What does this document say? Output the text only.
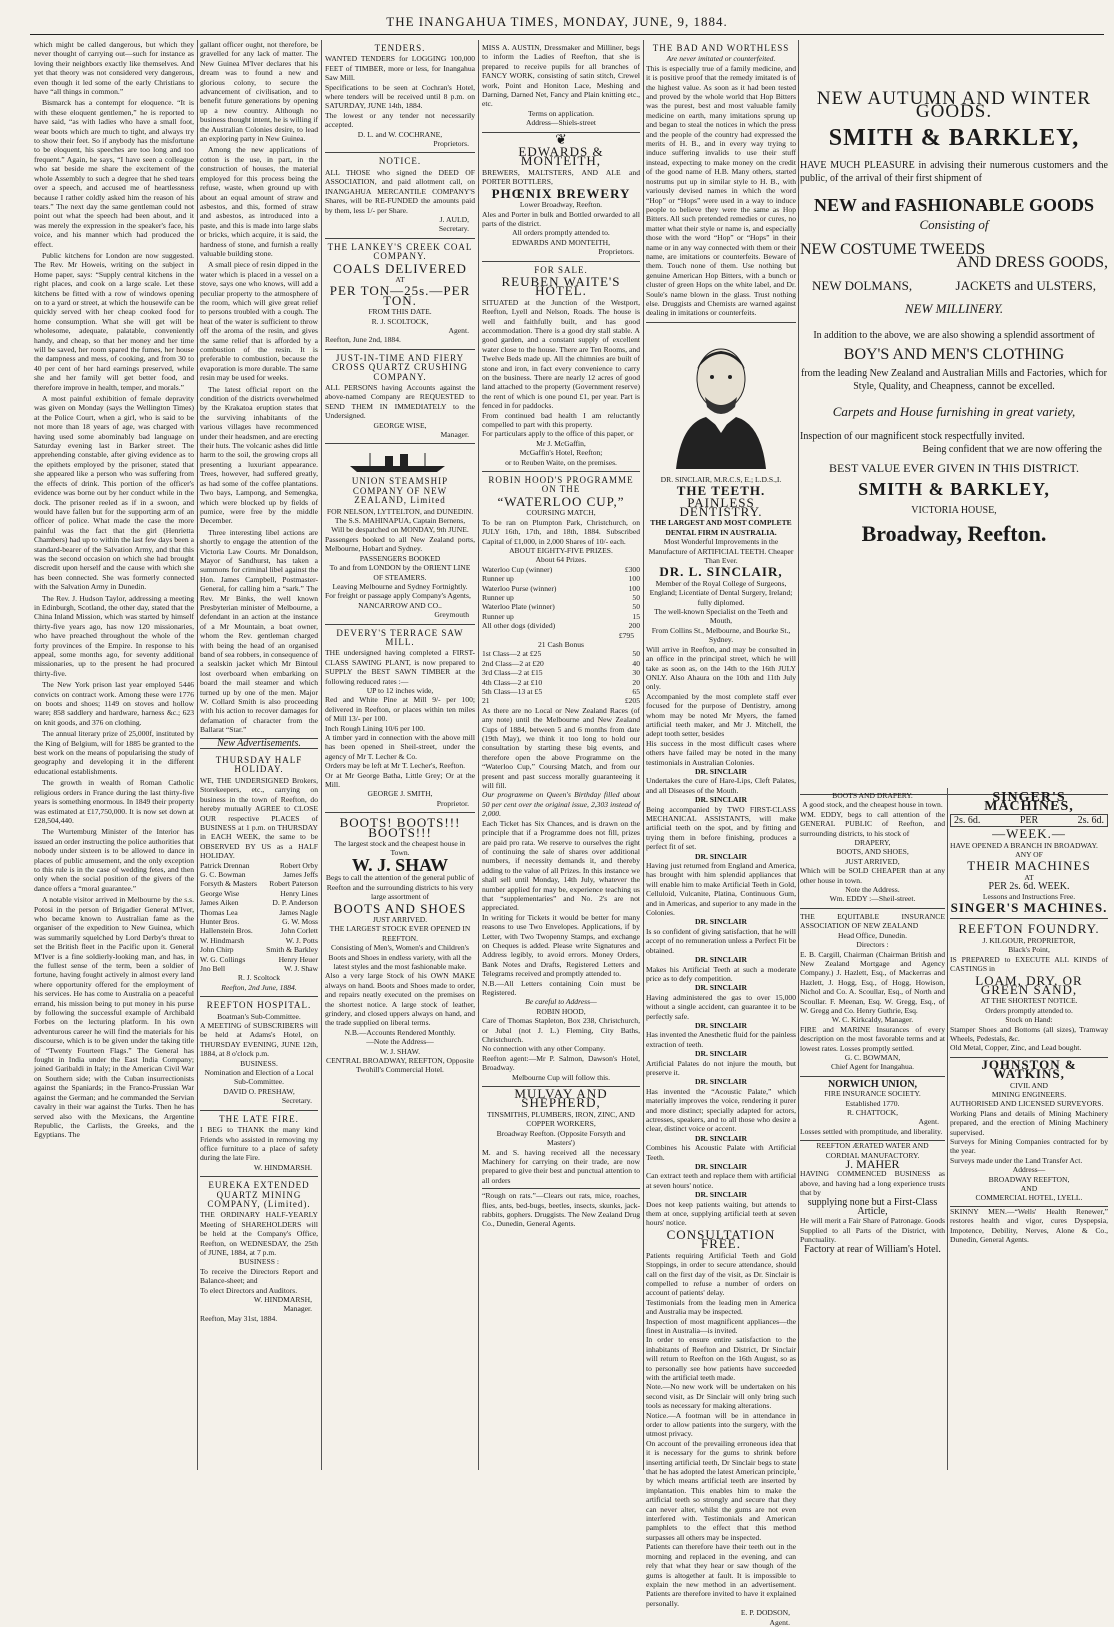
THE INANGAHUA TIMES, MONDAY, JUNE, 9, 1884.

which might be called dangerous, but which they never thought of carrying out—such for instance as loving their neighbors exactly like themselves. And yet that theory was not considered very dangerous, even though it led some of the early Christians to have “all things in common.”

Bismarck has a contempt for eloquence. “It is with these eloquent gentlemen,” he is reported to have said, “as with ladies who have a small foot, wear boots which are much to tight, and always try to show their feet. So if anybody has the misfortune to be eloquent, his speeches are too long and too frequent.” Again, he says, “I have seen a colleague who sat beside me share the excitement of the whole Assembly to such a degree that he shed tears over a speech, and accused me of heartlessness because I rather coldly asked him the reason of his tears.” The next day the same gentleman could not point out what the speech had been about, and it was merely the expression in the speaker's face, his voice, and his manner which had produced the effect.

Public kitchens for London are now suggested. The Rev. Mr Howeis, writing on the subject in Home paper, says: “Supply central kitchens in the right places, and cook on a large scale. Let these kitchens be fitted with a row of windows opening on to a yard or street, at which the housewife can be quickly served with her cheap cooked food for home consumption. What she will get will be wholesome, adequate, palatable, conveniently handy, and cheap, so that her money and her time will be saved, her room spared the fumes, her house the dampness and mess, of cooking, and from 30 to 40 per cent of her hard earnings preserved, while she and her family will get better food, and therefore improve in health, temper, and morals.”

A most painful exhibition of female depravity was given on Monday (says the Wellington Times) at the Police Court, when a girl, who is said to be not more than 18 years of age, was charged with having used some abominably bad language on Saturday evening last in Barker street. The apprehending constable, after giving evidence as to the epithets employed by the prisoner, stated that she appeared like a person who was suffering from the effects of drink. This portion of the officer's evidence was borne out by her conduct while in the dock. The prisoner reeled as if in a swoon, and would have fallen but for the supporting arm of an officer of police. What made the case the more painful was the fact that the girl (Henrietta Chambers) had up to within the last few days been a standard-bearer of the Salvation Army, and that this was the second occasion on which she had brought discredit upon herself and the cause with which she has been connected. She was formerly connected with the Salvation Army in Dunedin.

The Rev. J. Hudson Taylor, addressing a meeting in Edinburgh, Scotland, the other day, stated that the China Inland Mission, which was started by himself thirty-five years ago, has now 120 missionaries, who have preached throughout the whole of the forty provinces of the Empire. In response to his appeal, some months ago, for seventy additional missionaries, up to the present he had procured thirty-five.

The New York prison last year employed 5446 convicts on contract work. Among these were 1776 on boots and shoes; 1149 on stoves and hollow ware; 858 saddlery and hardware, harness &c.; 623 on knit goods, and 376 on clothing.

The annual literary prize of 25,000f, instituted by the King of Belgium, will for 1885 be granted to the best work on the means of popularising the study of geography and developing it in the different educational establishments.

The growth in wealth of Roman Catholic religious orders in France during the last thirty-five years is something enormous. In 1849 their property was estimated at £17,750,000. It is now set down at £28,504,440.

The Wurtemburg Minister of the Interior has issued an order instructing the police authorities that nobody under sixteen is to be allowed to dance in places of public amusement, and the only exception to this rule is in the case of wedding fetes, and then only when the social position of the givers of the dance offers a “moral guarantee.”

A notable visitor arrived in Melbourne by the s.s. Potosi in the person of Brigadier General M'Iver, who became known to Australian fame as the organiser of the expedition to New Guinea, which was summarily squelched by Lord Derby's threat to set the British fleet in the Pacific upon it. General M'Iver is a fine soldierly-looking man, and has, in the fullest sense of the term, been a soldier of fortune, having fought actively in almost every land where opportunity offered for the employment of his services. He has come to Australia on a peaceful errand, his mission being to put money in his purse by following the successful example of Archibald Forbes on the lecturing platform. In his own adventurous career he will find the materials for his discourse, which is to be given under the taking title of “Twenty Fourteen Flags.” The General has fought in India under the East India Company; joined Garibaldi in Italy; in the American Civil War on Southern side; with the Cuban insurrectionists against the Spaniards; in the Franco-Prussian War against the German; and he commanded the Servian cavalry in their war against the Turks. Then he has served also with the Mexicans, the Argentine Republic, the Carlists, the Greeks, and the Egyptians. The

gallant officer ought, not therefore, be gravelled for any lack of matter. The New Guinea M'Iver declares that his dream was to found a new and glorious colony, to secure the advancement of civilisation, and to benefit future generations by opening up a new country. Although no business thought intent, he is willing if the Australian Colonies desire, to lead an exploring party in New Guinea.

Among the new applications of cotton is the use, in part, in the construction of houses, the material employed for this process being the refuse, waste, when ground up with about an equal amount of straw and asbestos, and this, formed of straw and asbestos, as introduced into a paste, and this is made into large slabs or bricks, which acquire, it is said, the hardness of stone, and furnish a really valuable building stone.

A small piece of resin dipped in the water which is placed in a vessel on a stove, says one who knows, will add a peculiar property to the atmosphere of the room, which will give great relief to persons troubled with a cough. The heat of the water is sufficient to throw off the aroma of the resin, and gives the same relief that is afforded by a combustion of the resin. It is preferable to combustion, because the evaporation is more durable. The same resin may be used for weeks.

The latest official report on the condition of the districts overwhelmed by the Krakatoa eruption states that the surviving inhabitants of the various villages have recommenced under their headsmen, and are erecting their huts. The volcanic ashes did little harm to the soil, the growing crops all presenting a luxuriant appearance. Trees, however, had suffered greatly, as had some of the coffee plantations. Two bays, Lampong, and Semengka, which were blocked up by fields of pumice, were free by the middle December.

Three interesting libel actions are shortly to engage the attention of the Victoria Law Courts. Mr Donaldson, Mayor of Sandhurst, has taken a summons for criminal libel against the Hon. James Campbell, Postmaster-General, for calling him a “sark.” The Rev. Mr Binks, the well known Presbyterian minister of Melbourne, a defendant in an action at the instance of a Mr Mountain, a boat owner, whom the Rev. gentleman charged with being the head of an organised band of sea robbers, in consequence of a sealskin jacket which Mr Bintoul lost overboard when embarking on board the mail steamer and which turned up by one of the men. Major W. Collard Smith is also proceeding with his action to recover damages for defamation of character from the Ballarat “Star.”

New Advertisements.
THURSDAY HALF HOLIDAY.
WE, THE UNDERSIGNED Brokers, Storekeepers, etc., carrying on business in the town of Reefton, do hereby mutually AGREE to CLOSE OUR respective PLACES of BUSINESS at 1 p.m. on THURSDAY in EACH WEEK, the same to be OBSERVED BY US as a HALF HOLIDAY.
Patrick Drennan	Robert Orby
G. C. Bowman	James Jeffs
Forsyth & Masters Robert Paterson
George Wise	Henry Lines
James Aiken	D. P. Anderson
Thomas Lea	James Nagle
Hunter Bros.	G. W. Moss
Hallenstein Bros.	John Corlett
W. Hindmarsh	W. J. Potts
John Chirp	Smith & Barkley
W. G. Collings	Henry Heuer
Jno Bell	W. J. Shaw
R. J. Scoltock
Reefton, 2nd June, 1884.
REEFTON HOSPITAL.
Boatman's Sub-Committee.
A MEETING of SUBSCRIBERS will be held at Adams's Hotel, on THURSDAY EVENING, JUNE 12th, 1884, at 8 o'clock p.m.
BUSINESS.
Nomination and Election of a Local Sub-Committee.
DAVID O. PRESHAW,
Secretary.
THE LATE FIRE.
I BEG to THANK the many kind Friends who assisted in removing my office furniture to a place of safety during the late Fire.
W. HINDMARSH.
EUREKA EXTENDED QUARTZ MINING COMPANY, (Limited).
THE ORDINARY HALF-YEARLY Meeting of SHAREHOLDERS will be held at the Company's Office, Reefton, on WEDNESDAY, the 25th of JUNE, 1884, at 7 p.m.
BUSINESS :
To receive the Directors Report and Balance-sheet; and
To elect Directors and Auditors.
W. HINDMARSH,
Manager.
Reefton, May 31st, 1884.
TENDERS.
WANTED TENDERS for LOGGING 100,000 FEET of TIMBER, more or less, for Inangahua Saw Mill.
Specifications to be seen at Cochran's Hotel, where tenders will be received until 8 p.m. on SATURDAY, JUNE 14th, 1884.
The lowest or any tender not necessarily accepted.
D. L. and W. COCHRANE,
Proprietors.
NOTICE.
ALL THOSE who signed the DEED OF ASSOCIATION, and paid allotment call, on INANGAHUA MERCANTILE COMPANY'S Shares, will be RE-FUNDED the amounts paid by them, less 1/- per Share.
J. AULD,
Secretary.
THE LANKEY'S CREEK COAL COMPANY.
COALS DELIVERED
AT
PER TON—25s.—PER TON.
FROM THIS DATE.
R. J. SCOLTOCK,
Agent.
Reefton, June 2nd, 1884.
JUST-IN-TIME AND FIERY CROSS QUARTZ CRUSHING COMPANY.
ALL PERSONS having Accounts against the above-named Company are REQUESTED to SEND THEM IN IMMEDIATELY to the Undersigned.
GEORGE WISE,
Manager.
UNION STEAMSHIP COMPANY OF NEW ZEALAND, Limited
FOR NELSON, LYTTELTON, and DUNEDIN.
The S.S. MAHINAPUA, Captain Bernens,
Will be despatched on MONDAY, 9th JUNE.
Passengers booked to all New Zealand ports, Melbourne, Hobart and Sydney.
PASSENGERS BOOKED
To and from LONDON by the ORIENT LINE OF STEAMERS.
Leaving Melbourne and Sydney Fortnightly.
For freight or passage apply Company's Agents,
NANCARROW AND CO..
Greymouth
DEVERY'S TERRACE SAW MILL.
THE undersigned having completed a FIRST-CLASS SAWING PLANT, is now prepared to SUPPLY the BEST SAWN TIMBER at the following reduced rates :—
UP to 12 inches wide,
Red and White Pine at Mill 9/- per 100; delivered in Reefton, or places within ten miles of Mill 13/- per 100.
Inch Rough Lining 10/6 per 100.
A timber yard in connection with the above mill has been opened in Sheil-street, under the agency of Mr T. Lecher & Co.
Orders may be left at Mr T. Lecher's, Reefton.
Or at Mr George Batha, Little Grey; Or at the Mill.
GEORGE J. SMITH,
Proprietor.
BOOTS! BOOTS!!! BOOTS!!!
The largest stock and the cheapest house in Town.
W. J. SHAW
Begs to call the attention of the general public of Reefton and the surrounding districts to his very large assortment of
BOOTS AND SHOES
JUST ARRIVED.
THE LARGEST STOCK EVER OPENED IN REEFTON.
Consisting of Men's, Women's and Children's Boots and Shoes in endless variety, with all the latest styles and the most fashionable make.
Also a very large Stock of his OWN MAKE always on hand. Boots and Shoes made to order, and repairs neatly executed on the premises on the shortest notice. A large stock of leather, grindery, and closed uppers always on hand, and the trade supplied on liberal terms.
N.B.—Accounts Rendered Monthly.
—Note the Address—
W. J. SHAW.
CENTRAL BROADWAY, REEFTON, Opposite Twohill's Commercial Hotel.
MISS A. AUSTIN, Dressmaker and Milliner, begs to inform the Ladies of Reefton, that she is prepared to receive pupils for all branches of FANCY WORK, consisting of satin stitch, Crewel work, Point and Honiton Lace, Meshing and Darning, Darned Net, Fancy and Plain knitting etc., etc.
Terms on application.
Address—Shiels-street
❦
EDWARDS & MONTEITH,
BREWERS, MALTSTERS, AND ALE and PORTER BOTTLERS,
PHŒNIX BREWERY
Lower Broadway, Reefton.
Ales and Porter in bulk and Bottled orwarded to all parts of the district.
All orders promptly attended to.
EDWARDS AND MONTEITH,
Proprietors.
FOR SALE.
REUBEN WAITE'S HOTEL.
SITUATED at the Junction of the Westport, Reefton, Lyell and Nelson, Roads. The house is well and faithfully built, and has good accommodation. There is a good dry stall stable. A good garden, and a constant supply of excellent water close to the house. There are Ten Rooms, and Twelve Beds made up. All the chimnies are built of stone and iron, in fact every convenience to carry on the business. There are nearly 12 acres of good land attached to the property (Government reserve) the rent of which is one pound £1, per year. Part is fenced in for paddocks.
From continued bad health I am reluctantly compelled to part with this property.
For particulars apply to the office of this paper, or
Mr J. McGaffin,
McGaffin's Hotel, Reefton;
or to Reuben Waite, on the premises.
ROBIN HOOD'S PROGRAMME ON THE
“WATERLOO CUP,”
COURSING MATCH,
To be ran on Plumpton Park, Christchurch, on JULY 16th, 17th, and 18th, 1884. Subscribed Capital of £1,000, in 2,000 Shares of 10/- each.
ABOUT EIGHTY-FIVE PRIZES.
About 64 Prizes.
Waterloo Cup (winner)	£300
Runner up	100
Waterloo Purse (winner)	100
Runner up	50
Waterloo Plate (winner)	50
Runner up	15
All other dogs (divided)	200
£795
21 Cash Bonus
1st Class—2 at £25	50
2nd Class—2 at £20	40
3rd Class—2 at £15	30
4th Class—2 at £10	20
5th Class—13 at £5	65
21	£205
As there are no Local or New Zealand Races (of any note) until the Melbourne and New Zealand Cups of 1884, between 5 and 6 months from date (19th May), we think it too long to hold our consultation by starting these big events, and therefore open the above Programme on the “Waterloo Cup,” Coursing Match, and from our present and past success morally guaranteeing it will fill.
Our programme on Queen's Birthday filled about 50 per cent over the original issue, 2,303 instead of 2,000.
Each Ticket has Six Chances, and is drawn on the principle that if a Programme does not fill, prizes are paid pro rata. We reserve to ourselves the right of continuing the sale of shares over additional numbers, if necessity demands it, and thereby adding to the value of all Prizes. In this instance we shall sell until Monday, 14th July, whatever the number applied for may be, experience teaching us that “supplementaries” and No. 2's are not appreciated.
In writing for Tickets it would be better for many reasons to use Two Envelopes. Applications, if by Letter, with Two Twopenny Stamps, and exchange on Cheques is added. Please write Signatures and Address legibly, to avoid errors. Money Orders, Bank Notes and Drafts, Registered Letters and Telegrams received and promptly attended to.
N.B.—All Letters containing Coin must be Registered.
Be careful to Address—
ROBIN HOOD,
Care of Thomas Stapleton, Box 238, Christchurch, or Jubal (not J. L.) Fleming, City Baths, Christchurch.
No connection with any other Company.
Reefton agent:—Mr P. Salmon, Dawson's Hotel, Broadway.
Melbourne Cup will follow this.
MULVAY AND SHEPHERD,
TINSMITHS, PLUMBERS, IRON, ZINC, AND COPPER WORKERS,
Broadway Reefton. (Opposite Forsyth and Masters')
M. and S. having received all the necessary Machinery for carrying on their trade, are now prepared to give their best and punctual attention to all orders
“Rough on rats.”—Clears out rats, mice, roaches, flies, ants, bed-bugs, beetles, insects, skunks, jack-rabbits, gophers. Druggists. The New Zealand Drug Co., Dunedin, General Agents.
THE BAD AND WORTHLESS
Are never imitated or counterfeited.
This is especially true of a family medicine, and it is positive proof that the remedy imitated is of the highest value. As soon as it had been tested and proved by the whole world that Hop Bitters was the purest, best and most valuable family medicine on earth, many imitations sprung up and began to steal the notices in which the press and the people of the country had expressed the merits of H. B., and in every way trying to induce suffering invalids to use their stuff instead, expecting to make money on the credit of the good name of H.B. Many others, started nostrums put up in similar style to H. B., with variously devised names in which the word “Hop” or “Hops” were used in a way to induce people to believe they were the same as Hop Bitters. All such pretended remedies or cures, no matter what their style or name is, and especially those with the word “Hop” or “Hops” in their name or in any way connected with them or their name, are imitations or counterfeits. Beware of them. Touch none of them. Use nothing but genuine American Hop Bitters, with a bunch or cluster of green Hops on the white label, and Dr. Soule's name blown in the glass. Trust nothing else. Druggists and Chemists are warned against dealing in imitations or counterfeits.
DR. SINCLAIR, M.R.C.S, E.; L.D.S.,I.
THE TEETH.
PAINLESS DENTISTRY.
THE LARGEST AND MOST COMPLETE DENTAL FIRM IN AUSTRALIA.
Most Wonderful Improvements in the Manufacture of ARTIFICIAL TEETH. Cheaper Than Ever.
DR. L. SINCLAIR,
Member of the Royal College of Surgeons, England; Licentiate of Dental Surgery, Ireland; fully diplomed.
The well-known Specialist on the Teeth and Mouth,
From Collins St., Melbourne, and Bourke St., Sydney.
Will arrive in Reefton, and may be consulted in an office in the principal street, which he will take as soon as, on the 14th to the 16th JULY ONLY. Also Ahaura on the 10th and 11th July only.
Accompanied by the most complete staff ever focused for the purpose of Dentistry, among whom may be noted Mr Myers, the famed artificial teeth maker, and Mr J. Mitchell, the adept tooth setter, besides
His success in the most difficult cases where others have failed may be noted in the many testimonials in Australian Colonies.
DR. SINCLAIR
Undertakes the cure of Hare-Lips, Cleft Palates, and all Diseases of the Mouth.
DR. SINCLAIR
Being accompanied by TWO FIRST-CLASS MECHANICAL ASSISTANTS, will make artificial teeth on the spot, and by fitting and trying them in before finishing, produces a perfect fit of set.
DR. SINCLAIR
Having just returned from England and America, has brought with him splendid appliances that will enable him to make Artificial Teeth in Gold, Celluloid, Vulcanite, Platina, Continuous Gum, and in Americas, and superior to any made in the Colonies.
DR. SINCLAIR
Is so confident of giving satisfaction, that he will accept of no remuneration unless a Perfect Fit be obtained.
DR. SINCLAIR
Makes his Artificial Teeth at such a moderate price as to defy competition.
DR. SINCLAIR
Having administered the gas to over 15,000 without a single accident, can guarantee it to be perfectly safe.
DR. SINCLAIR
Has invented the Anesthetic fluid for the painless extraction of teeth.
DR. SINCLAIR
Artificial Palates do not injure the mouth, but preserve it.
DR. SINCLAIR
Has invented the “Acoustic Palate,” which materially improves the voice, rendering it purer and more distinct; specially adapted for actors, actresses, speakers, and to all those who desire a clear, distinct voice or accent.
DR. SINCLAIR
Combines his Acoustic Palate with Artificial Teeth.
DR. SINCLAIR
Can extract teeth and replace them with artificial at seven hours' notice.
DR. SINCLAIR
Does not keep patients waiting, but attends to them at once, supplying artificial teeth at seven hours' notice.
CONSULTATION FREE.
Patients requiring Artificial Teeth and Gold Stoppings, in order to secure attendance, should call on the first day of the visit, as Dr. Sinclair is compelled to refuse a number of orders on account of patients' delay.
Testimonials from the leading men in America and Australia may be inspected.
Inspection of most magnificent appliances—the finest in Australia—is invited.
In order to ensure entire satisfaction to the inhabitants of Reefton and District, Dr Sinclair will return to Reefton on the 16th August, so as to personally see how patients have succeeded with the artificial teeth made.
Note.—No new work will be undertaken on his second visit, as Dr Sinclair will only bring such tools as necessary for making alterations.
Notice.—A footman will be in attendance in order to allow patients into the surgery, with the utmost privacy.
On account of the prevailing erroneous idea that it is necessary for the gums to shrink before inserting artificial teeth, Dr Sinclair begs to state that he has adopted the latest American principle, by which means artificial teeth are inserted by implantation. This enables him to make the artificial teeth so strongly and secure that they can never alter, whilst the gums are not even interfered with. Testimonials and American pamphlets to the effect that this method surpasses all others may be inspected.
Patients can therefore have their teeth out in the morning and replaced in the evening, and can rely that what they hear or saw though of the gums is altogether at fault. It is impossible to explain the new method in an advertisement. Patients are therefore invited to have it explained personally.
E. P. DODSON,
Agent.
NEW AUTUMN AND WINTER GOODS.
SMITH & BARKLEY,
HAVE MUCH PLEASURE in advising their numerous customers and the public, of the arrival of their first shipment of
NEW and FASHIONABLE GOODS
Consisting of
NEW COSTUME TWEEDS
AND DRESS GOODS,
NEW DOLMANS,	JACKETS and ULSTERS,
NEW MILLINERY.
In addition to the above, we are also showing a splendid assortment of
BOY'S AND MEN'S CLOTHING
from the leading New Zealand and Australian Mills and Factories, which for Style, Quality, and Cheapness, cannot be excelled.
Carpets and House furnishing in great variety,
Inspection of our magnificent stock respectfully invited.
Being confident that we are now offering the
BEST VALUE EVER GIVEN IN THIS DISTRICT.
SMITH & BARKLEY,
VICTORIA HOUSE,
Broadway, Reefton.
BOOTS AND DRAPERY.
A good stock, and the cheapest house in town.
WM. EDDY, begs to call attention of the GENERAL PUBLIC of Reefton, and surrounding districts, to his stock of
DRAPERY,
BOOTS, AND SHOES,
JUST ARRIVED,
Which will be SOLD CHEAPER than at any other house in town.
Note the Address.
Wm. EDDY :—Sheil-street.
THE EQUITABLE INSURANCE ASSOCIATION OF NEW ZEALAND
Head Office, Dunedin.
Directors :
E. B. Cargill, Chairman (Chairman British and New Zealand Mortgage and Agency Company.) J. Hazlett, Esq., of Mackerras and Hazlett, J. Hogg, Esq., of Hogg, Howison, Nichol and Co. A. Scoullar, Esq., of North and Scoullar. F. Meenan, Esq. W. Gregg, Esq., of W. Gregg and Co. Henry Guthrie, Esq.
W. C. Kirkcaldy, Manager.
FIRE and MARINE Insurances of every description on the most favorable terms and at lowest rates. Losses promptly settled.
G. C. BOWMAN,
Chief Agent for Inangahua.
NORWICH UNION,
FIRE INSURANCE SOCIETY.
Established 1770.
R. CHATTOCK,
Agent.
Losses settled with promptitude, and liberality.
REEFTON ÆRATED WATER AND CORDIAL MANUFACTORY.
J. MAHER
HAVING COMMENCED BUSINESS as above, and having had a long experience trusts that by
supplying none but a First-Class Article,
He will merit a Fair Share of Patronage. Goods Supplied to all Parts of the District, with Punctuality.
Factory at rear of William's Hotel.
SINGER'S MACHINES,
2s. 6d.	PER	2s. 6d.
—WEEK.—
HAVE OPENED A BRANCH IN BROADWAY.
ANY OF
THEIR MACHINES
AT
PER 2s. 6d. WEEK.
Lessons and Instructions Free.
SINGER'S MACHINES.
REEFTON FOUNDRY.
J. KILGOUR, PROPRIETOR,
Black's Point,
IS PREPARED to EXECUTE ALL KINDS of CASTINGS in
LOAM, DRY, OR GREEN SAND,
AT THE SHORTEST NOTICE.
Orders promptly attended to.
Stock on Hand:
Stamper Shoes and Bottoms (all sizes), Tramway Wheels, Pedestals, &c.
Old Metal, Copper, Zinc, and Lead bought.
JOHNSTON & WATKINS,
CIVIL AND
MINING ENGINEERS.
AUTHORISED AND LICENSED SURVEYORS.
Working Plans and details of Mining Machinery prepared, and the erection of Mining Machinery supervised.
Surveys for Mining Companies contracted for by the year.
Surveys made under the Land Transfer Act.
Address—
BROADWAY REEFTON,
AND
COMMERCIAL HOTEL, LYELL.
SKINNY MEN.—“Wells' Health Renewer,” restores health and vigor, cures Dyspepsia, Impotence, Debility, Nerves, Alone & Co., Dunedin, General Agents.
